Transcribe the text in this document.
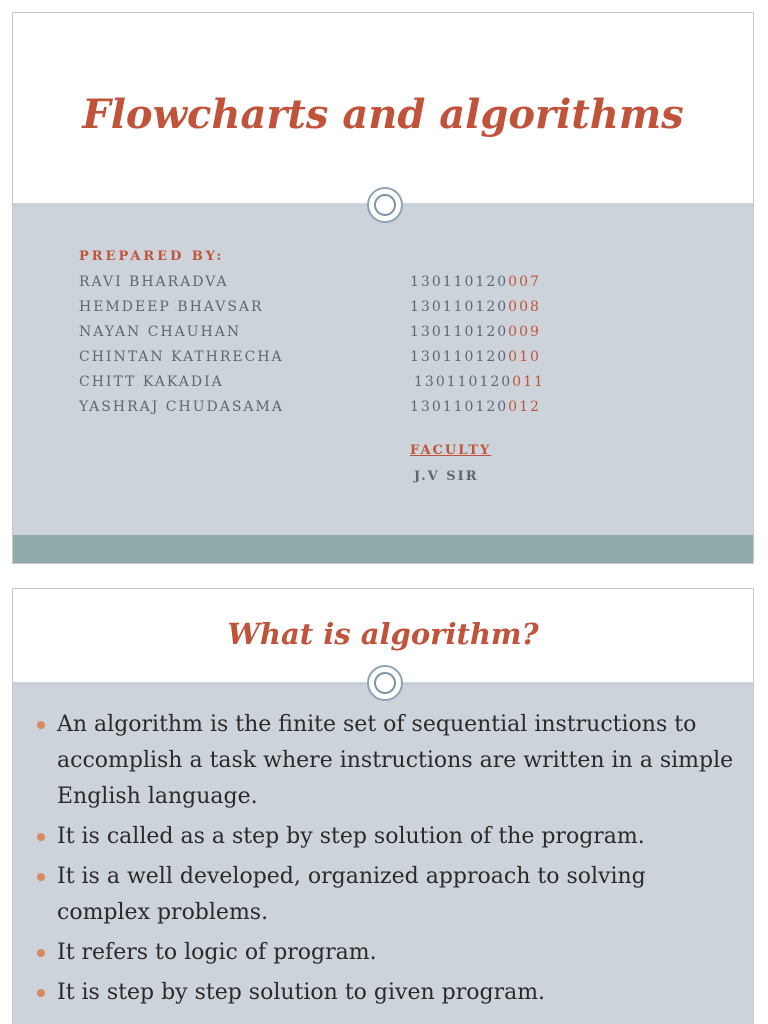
Flowcharts and algorithms
PREPARED BY:
RAVI BHARADVA
HEMDEEP BHAVSAR
NAYAN CHAUHAN
CHINTAN KATHRECHA
CHITT KAKADIA
YASHRAJ CHUDASAMA
130110120007
130110120008
130110120009
130110120010
130110120011
130110120012
FACULTY
J.V SIR
What is algorithm?
An algorithm is the finite set of sequential instructions to accomplish a task where instructions are written in a simple English language.
It is called as a step by step solution of the program.
It is a well developed, organized approach to solving complex problems.
It refers to logic of program.
It is step by step solution to given program.
